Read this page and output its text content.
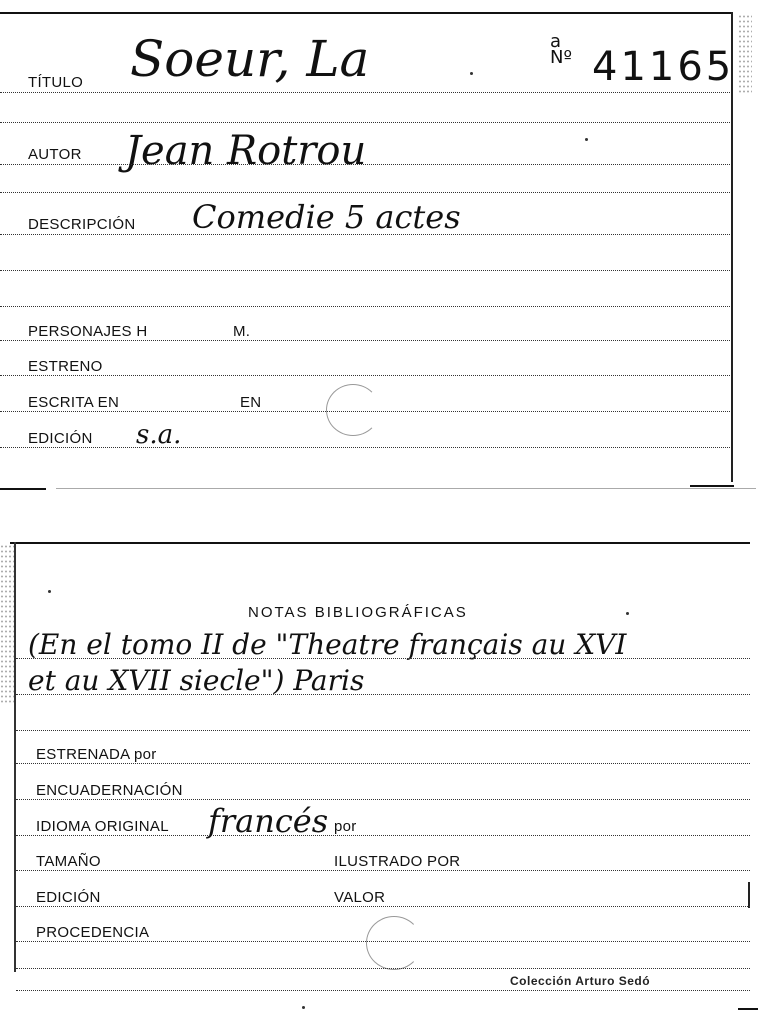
TÍTULO Soeur, La	a
Nº 41165
AUTOR Jean Rotrou
DESCRIPCIÓN Comedie 5 actes
PERSONAJES H	M.
ESTRENO
ESCRITA EN	EN
EDICIÓN s.a.
NOTAS BIBLIOGRÁFICAS
(En el tomo II de "Theatre français au XVI
et au XVII siecle") Paris
ESTRENADA por
ENCUADERNACIÓN
IDIOMA ORIGINAL francés por
TAMAÑO	ILUSTRADO POR
EDICIÓN	VALOR
PROCEDENCIA
Colección Arturo Sedó
